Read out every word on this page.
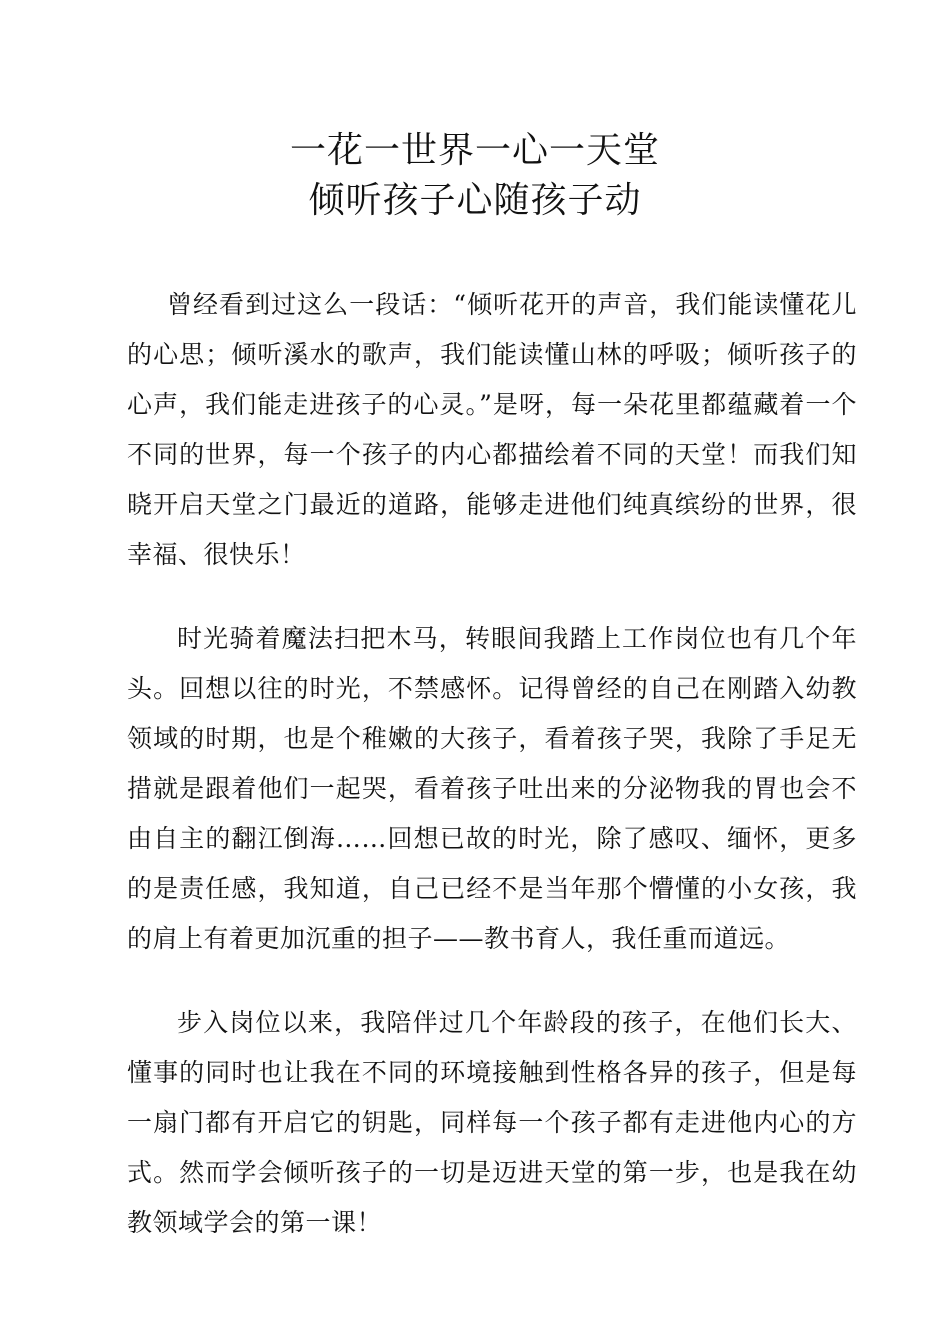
一花一世界一心一天堂
倾听孩子心随孩子动

曾经看到过这么一段话：“倾听花开的声音，我们能读懂花儿的心思；倾听溪水的歌声，我们能读懂山林的呼吸；倾听孩子的心声，我们能走进孩子的心灵。”是呀，每一朵花里都蕴藏着一个不同的世界，每一个孩子的内心都描绘着不同的天堂！而我们知晓开启天堂之门最近的道路，能够走进他们纯真缤纷的世界，很幸福、很快乐！

时光骑着魔法扫把木马，转眼间我踏上工作岗位也有几个年头。回想以往的时光，不禁感怀。记得曾经的自己在刚踏入幼教领域的时期，也是个稚嫩的大孩子，看着孩子哭，我除了手足无措就是跟着他们一起哭，看着孩子吐出来的分泌物我的胃也会不由自主的翻江倒海……回想已故的时光，除了感叹、缅怀，更多的是责任感，我知道，自己已经不是当年那个懵懂的小女孩，我的肩上有着更加沉重的担子——教书育人，我任重而道远。

步入岗位以来，我陪伴过几个年龄段的孩子，在他们长大、懂事的同时也让我在不同的环境接触到性格各异的孩子，但是每一扇门都有开启它的钥匙，同样每一个孩子都有走进他内心的方式。然而学会倾听孩子的一切是迈进天堂的第一步，也是我在幼教领域学会的第一课！
